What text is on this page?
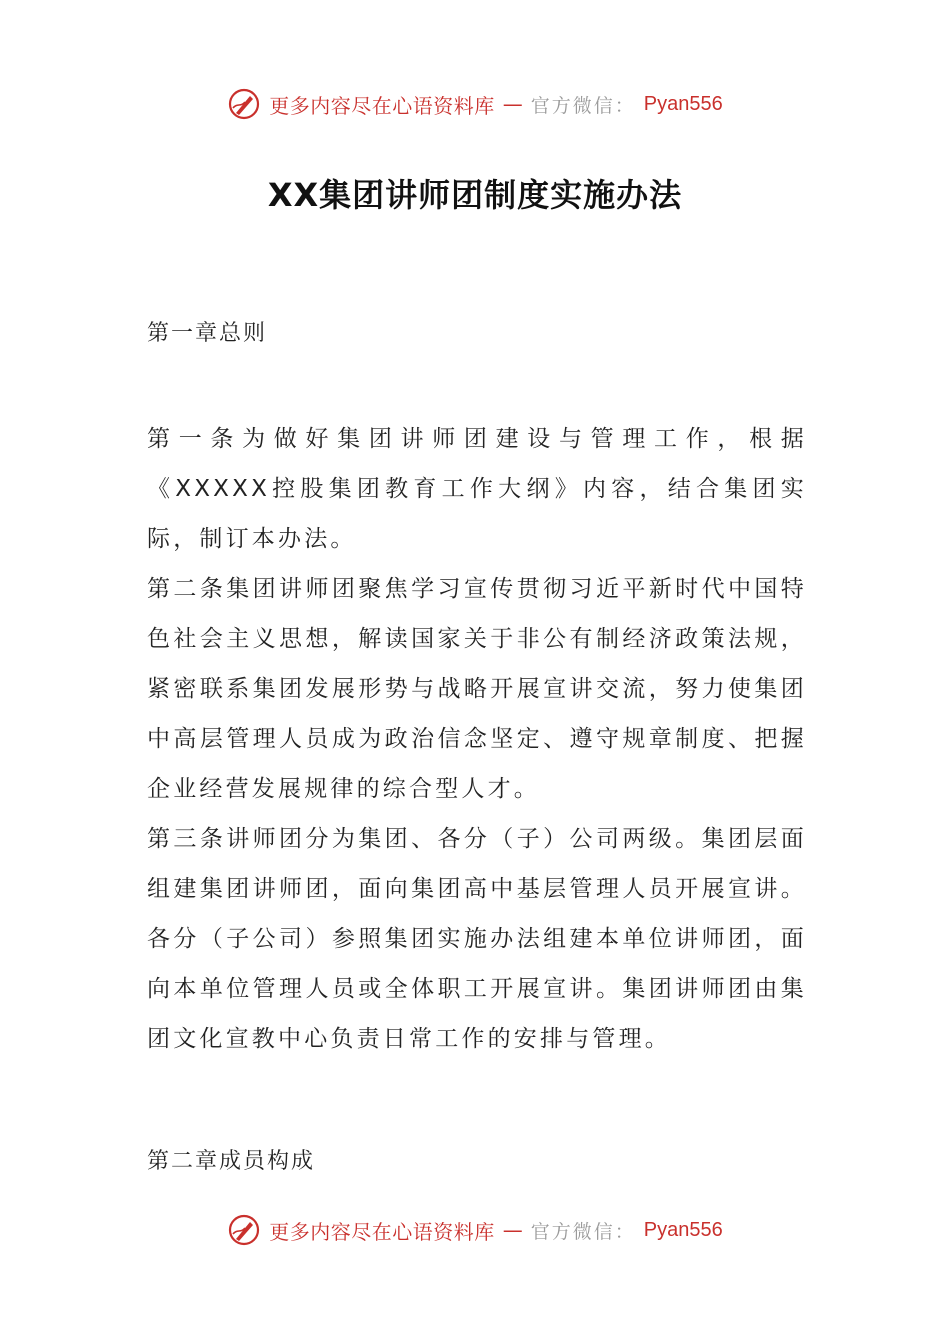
更多内容尽在心语资料库 — 官方微信： Pyan556
XX集团讲师团制度实施办法

第一章总则

第一条为做好集团讲师团建设与管理工作，根据《XXXXX控股集团教育工作大纲》内容，结合集团实际，制订本办法。

第二条集团讲师团聚焦学习宣传贯彻习近平新时代中国特色社会主义思想，解读国家关于非公有制经济政策法规，紧密联系集团发展形势与战略开展宣讲交流，努力使集团中高层管理人员成为政治信念坚定、遵守规章制度、把握企业经营发展规律的综合型人才。

第三条讲师团分为集团、各分（子）公司两级。集团层面组建集团讲师团，面向集团高中基层管理人员开展宣讲。各分（子公司）参照集团实施办法组建本单位讲师团，面向本单位管理人员或全体职工开展宣讲。集团讲师团由集团文化宣教中心负责日常工作的安排与管理。

第二章成员构成

更多内容尽在心语资料库 — 官方微信： Pyan556
